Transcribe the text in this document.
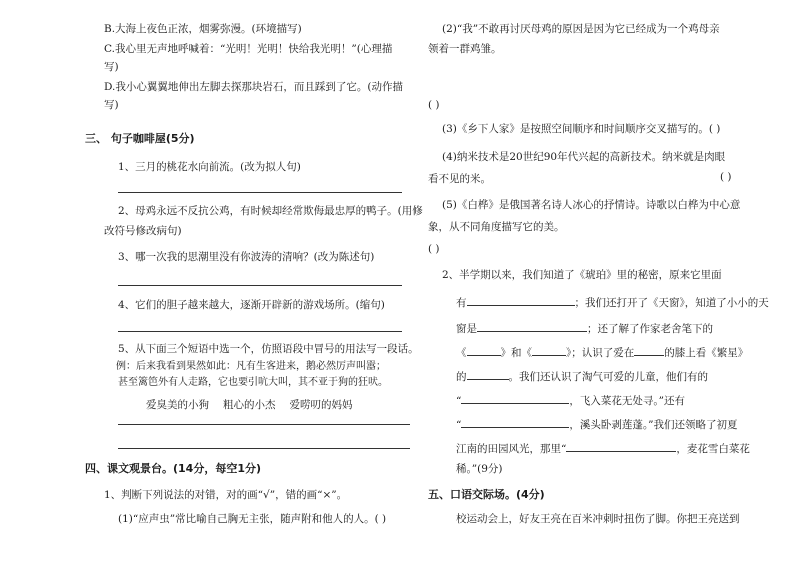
B.大海上夜色正浓，烟雾弥漫。(环境描写)
C.我心里无声地呼喊着：“光明！光明！快给我光明！”(心理描
写)
D.我小心翼翼地伸出左脚去探那块岩石，而且踩到了它。(动作描
写)
三、 句子咖啡屋(5分)
1、三月的桃花水向前流。(改为拟人句)
2、母鸡永远不反抗公鸡，有时候却经常欺侮最忠厚的鸭子。(用修
改符号修改病句)
3、哪一次我的思潮里没有你波涛的清响？(改为陈述句)
4、它们的胆子越来越大，逐渐开辟新的游戏场所。(缩句)
5、从下面三个短语中选一个，仿照语段中冒号的用法写一段话。
例：后来我看到果然如此：凡有生客进来，鹅必然厉声叫嚣；
甚至篱笆外有人走路，它也要引吭大叫，其不亚于狗的狂吠。
爱臭美的小狗 粗心的小杰 爱唠叨的妈妈
四、课文观景台。(14分，每空1分)
1、判断下列说法的对错，对的画“√”，错的画“×”。
(1)“应声虫”常比喻自己胸无主张，随声附和他人的人。( )
(2)“我”不敢再讨厌母鸡的原因是因为它已经成为一个鸡母亲
领着一群鸡雏。
( )
(3)《乡下人家》是按照空间顺序和时间顺序交叉描写的。( )
(4)纳米技术是20世纪90年代兴起的高新技术。纳米就是肉眼
看不见的米。	( )
(5)《白桦》是俄国著名诗人冰心的抒情诗。诗歌以白桦为中心意
象，从不同角度描写它的美。
( )
2、半学期以来，我们知道了《琥珀》里的秘密，原来它里面
有	；我们还打开了《天窗》，知道了小小的天
窗是	；还了解了作家老舍笔下的
《	》和《	》；认识了爱在	的膝上看《繁星》
的	。我们还认识了淘气可爱的儿童，他们有的
“	，飞入菜花无处寻。”还有
“	，溪头卧剥莲蓬。”我们还领略了初夏
江南的田园风光，那里“	，麦花雪白菜花
稀。”(9分)
五、口语交际场。(4分)
校运动会上，好友王亮在百米冲刺时扭伤了脚。你把王亮送到
